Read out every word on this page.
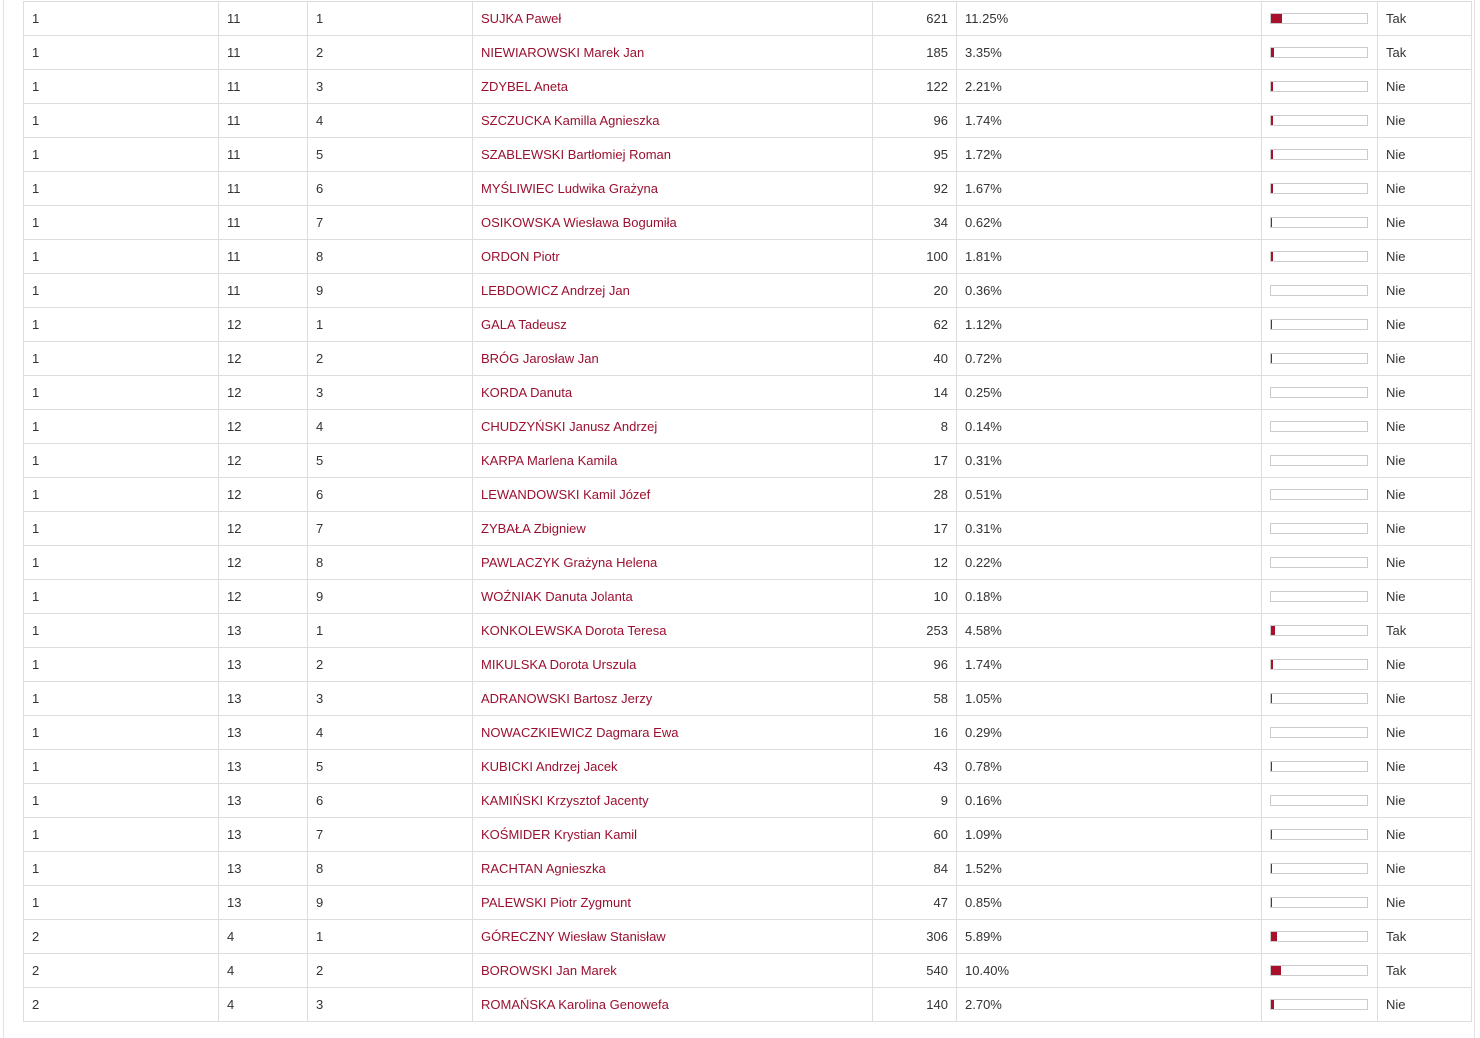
1	11	1	SUJKA Paweł	621	11.25%		Tak
1	11	2	NIEWIAROWSKI Marek Jan	185	3.35%		Tak
1	11	3	ZDYBEL Aneta	122	2.21%		Nie
1	11	4	SZCZUCKA Kamilla Agnieszka	96	1.74%		Nie
1	11	5	SZABLEWSKI Bartłomiej Roman	95	1.72%		Nie
1	11	6	MYŚLIWIEC Ludwika Grażyna	92	1.67%		Nie
1	11	7	OSIKOWSKA Wiesława Bogumiła	34	0.62%		Nie
1	11	8	ORDON Piotr	100	1.81%		Nie
1	11	9	LEBDOWICZ Andrzej Jan	20	0.36%		Nie
1	12	1	GALA Tadeusz	62	1.12%		Nie
1	12	2	BRÓG Jarosław Jan	40	0.72%		Nie
1	12	3	KORDA Danuta	14	0.25%		Nie
1	12	4	CHUDZYŃSKI Janusz Andrzej	8	0.14%		Nie
1	12	5	KARPA Marlena Kamila	17	0.31%		Nie
1	12	6	LEWANDOWSKI Kamil Józef	28	0.51%		Nie
1	12	7	ZYBAŁA Zbigniew	17	0.31%		Nie
1	12	8	PAWLACZYK Grażyna Helena	12	0.22%		Nie
1	12	9	WOŹNIAK Danuta Jolanta	10	0.18%		Nie
1	13	1	KONKOLEWSKA Dorota Teresa	253	4.58%		Tak
1	13	2	MIKULSKA Dorota Urszula	96	1.74%		Nie
1	13	3	ADRANOWSKI Bartosz Jerzy	58	1.05%		Nie
1	13	4	NOWACZKIEWICZ Dagmara Ewa	16	0.29%		Nie
1	13	5	KUBICKI Andrzej Jacek	43	0.78%		Nie
1	13	6	KAMIŃSKI Krzysztof Jacenty	9	0.16%		Nie
1	13	7	KOŚMIDER Krystian Kamil	60	1.09%		Nie
1	13	8	RACHTAN Agnieszka	84	1.52%		Nie
1	13	9	PALEWSKI Piotr Zygmunt	47	0.85%		Nie
2	4	1	GÓRECZNY Wiesław Stanisław	306	5.89%		Tak
2	4	2	BOROWSKI Jan Marek	540	10.40%		Tak
2	4	3	ROMAŃSKA Karolina Genowefa	140	2.70%		Nie
